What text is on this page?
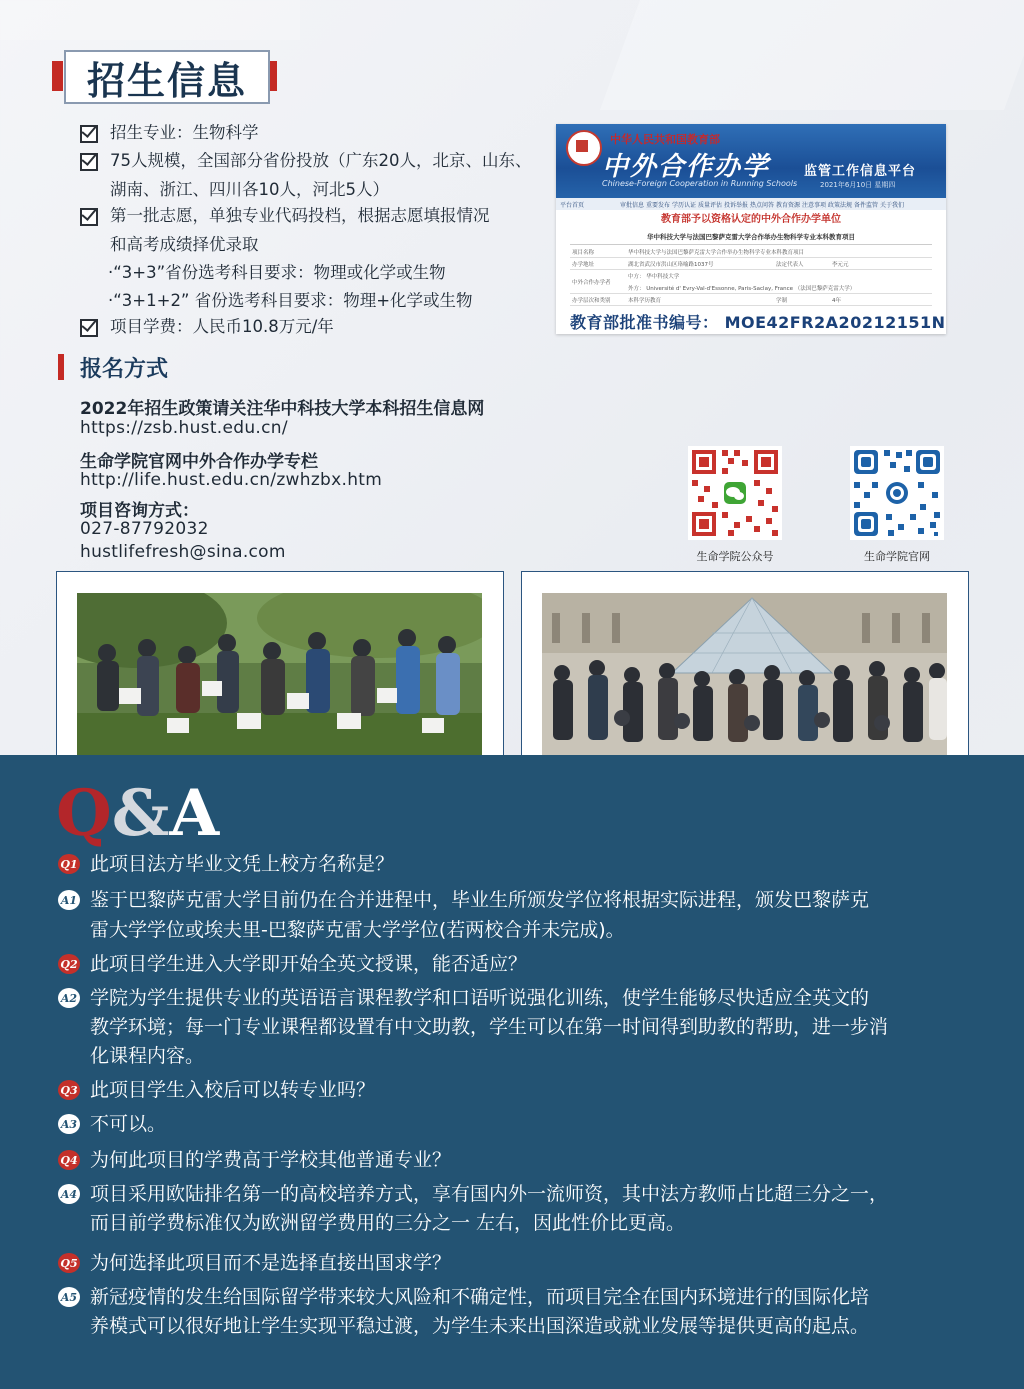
招生信息
招生专业：生物科学
75人规模，全国部分省份投放（广东20人，北京、山东、
湖南、浙江、四川各10人，河北5人）
第一批志愿，单独专业代码投档，根据志愿填报情况
和高考成绩择优录取
·“3+3”省份选考科目要求：物理或化学或生物
·“3+1+2” 省份选考科目要求：物理+化学或生物
项目学费：人民币10.8万元/年
报名方式
2022年招生政策请关注华中科技大学本科招生信息网
https://zsb.hust.edu.cn/
生命学院官网中外合作办学专栏
http://life.hust.edu.cn/zwhzbx.htm
项目咨询方式：
027-87792032
hustlifefresh@sina.com
中华人民共和国教育部
中外合作办学
Chinese-Foreign Cooperation in Running Schools
监管工作信息平台
2021年6月10日 星期四
平台首页	审批信息 重要发布 学历认证 质量评估 投诉举报 热点问答 教育资源 注意事项 政策法规 备件监管 关于我们
教育部予以资格认定的中外合作办学单位
华中科技大学与法国巴黎萨克雷大学合作举办生物科学专业本科教育项目
项目名称	华中科技大学与法国巴黎萨克雷大学合作举办生物科学专业本科教育项目
办学地址	湖北省武汉市洪山区珞喻路1037号	法定代表人	李元元
中外合作办学者
中方： 华中科技大学
外方： Université d' Evry-Val-d'Essonne, Paris-Saclay, France （法国巴黎萨克雷大学）
办学层次和类别	本科学历教育	学制	4年
教育部批准书编号： MOE42FR2A20212151N
生命学院公众号	生命学院官网
Q&A
Q1 此项目法方毕业文凭上校方名称是？
A1 鉴于巴黎萨克雷大学目前仍在合并进程中，毕业生所颁发学位将根据实际进程，颁发巴黎萨克
雷大学学位或埃夫里-巴黎萨克雷大学学位(若两校合并未完成)。
Q2 此项目学生进入大学即开始全英文授课，能否适应？
A2 学院为学生提供专业的英语语言课程教学和口语听说强化训练，使学生能够尽快适应全英文的
教学环境；每一门专业课程都设置有中文助教，学生可以在第一时间得到助教的帮助，进一步消
化课程内容。
Q3 此项目学生入校后可以转专业吗？
A3 不可以。
Q4 为何此项目的学费高于学校其他普通专业？
A4 项目采用欧陆排名第一的高校培养方式，享有国内外一流师资，其中法方教师占比超三分之一，
而目前学费标准仅为欧洲留学费用的三分之一 左右，因此性价比更高。
Q5 为何选择此项目而不是选择直接出国求学？
A5 新冠疫情的发生给国际留学带来较大风险和不确定性，而项目完全在国内环境进行的国际化培
养模式可以很好地让学生实现平稳过渡，为学生未来出国深造或就业发展等提供更高的起点。
